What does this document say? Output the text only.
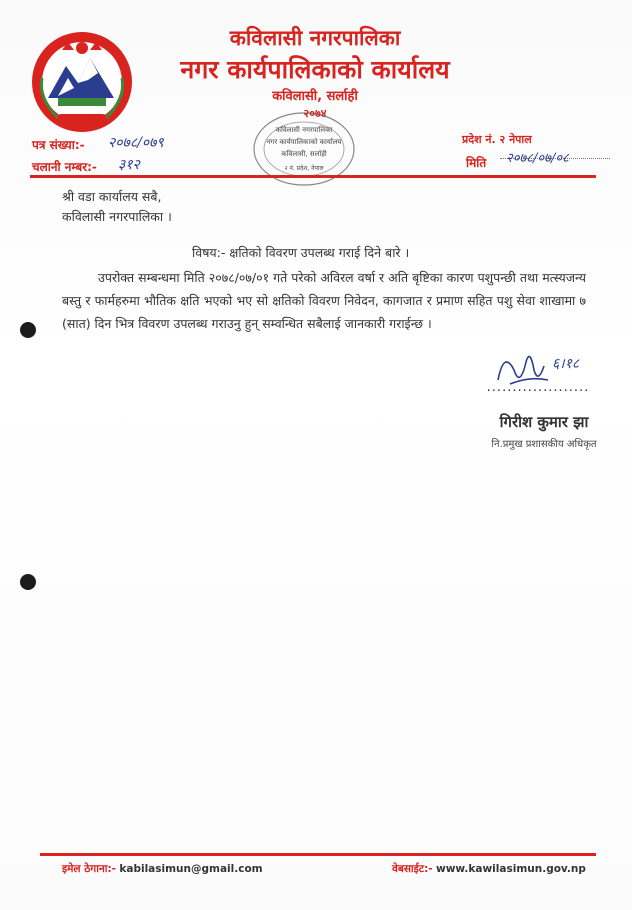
कविलासी नगरपालिका
नगर कार्यपालिकाको कार्यालय
कविलासी, सर्लाही
२०७४
कविलासी नगरपालिका
नगर कार्यपालिकाको कार्यालय
कविलासी, सर्लाही
२ नं. प्रदेश, नेपाल
पत्र संख्या:- २०७८/०७९
चलानी नम्बर:- ३१२
प्रदेश नं. २ नेपाल
मिति २०७८/०७/०८
श्री वडा कार्यालय सबै,
कविलासी नगरपालिका ।
विषय:- क्षतिको विवरण उपलब्ध गराई दिने बारे ।
उपरोक्त सम्बन्धमा मिति २०७८/०७/०१ गते परेको अविरल वर्षा र अति बृष्टिका कारण पशुपन्छी तथा मत्स्यजन्य बस्तु र फार्महरुमा भौतिक क्षति भएको भए सो क्षतिको विवरण निवेदन, कागजात र प्रमाण सहित पशु सेवा शाखामा ७ (सात) दिन भित्र विवरण उपलब्ध गराउनु हुन् सम्वन्धित सबैलाई जानकारी गराईन्छ ।
६।१८
....................
गिरीश कुमार झा
नि.प्रमुख प्रशासकीय अधिकृत
इमेल ठेगाना:- kabilasimun@gmail.com	वेबसाईट:- www.kawilasimun.gov.np
